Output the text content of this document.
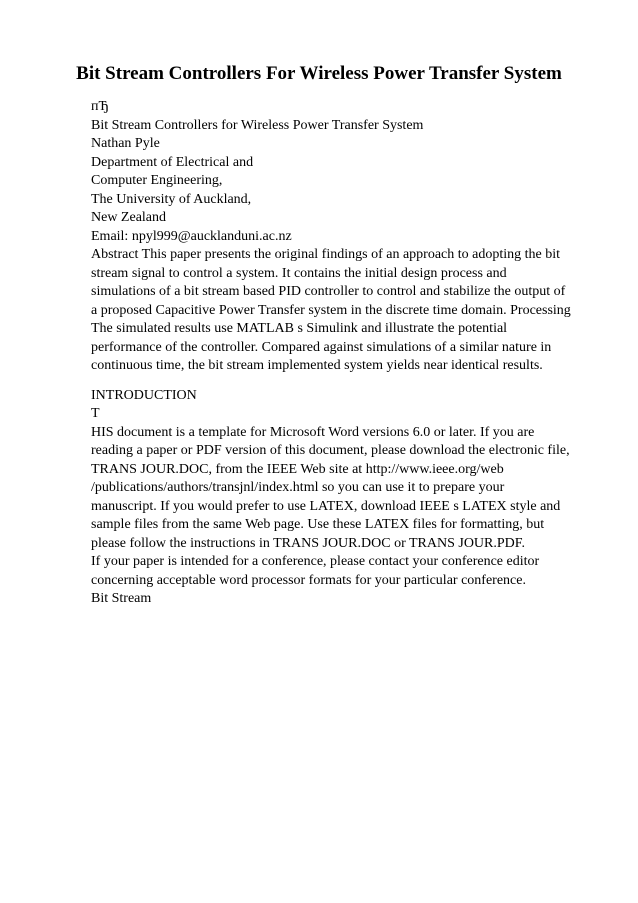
Bit Stream Controllers For Wireless Power Transfer System
пЂ
Bit Stream Controllers for Wireless Power Transfer System
Nathan Pyle
Department of Electrical and
Computer Engineering,
The University of Auckland,
New Zealand
Email: npyl999@aucklanduni.ac.nz
Abstract This paper presents the original findings of an approach to adopting the bit
stream signal to control a system. It contains the initial design process and
simulations of a bit stream based PID controller to control and stabilize the output of
a proposed Capacitive Power Transfer system in the discrete time domain. Processing
The simulated results use MATLAB s Simulink and illustrate the potential
performance of the controller. Compared against simulations of a similar nature in
continuous time, the bit stream implemented system yields near identical results.
INTRODUCTION
T
HIS document is a template for Microsoft Word versions 6.0 or later. If you are
reading a paper or PDF version of this document, please download the electronic file,
TRANS JOUR.DOC, from the IEEE Web site at http://www.ieee.org/web
/publications/authors/transjnl/index.html so you can use it to prepare your
manuscript. If you would prefer to use LATEX, download IEEE s LATEX style and
sample files from the same Web page. Use these LATEX files for formatting, but
please follow the instructions in TRANS JOUR.DOC or TRANS JOUR.PDF.
If your paper is intended for a conference, please contact your conference editor
concerning acceptable word processor formats for your particular conference.
Bit Stream
